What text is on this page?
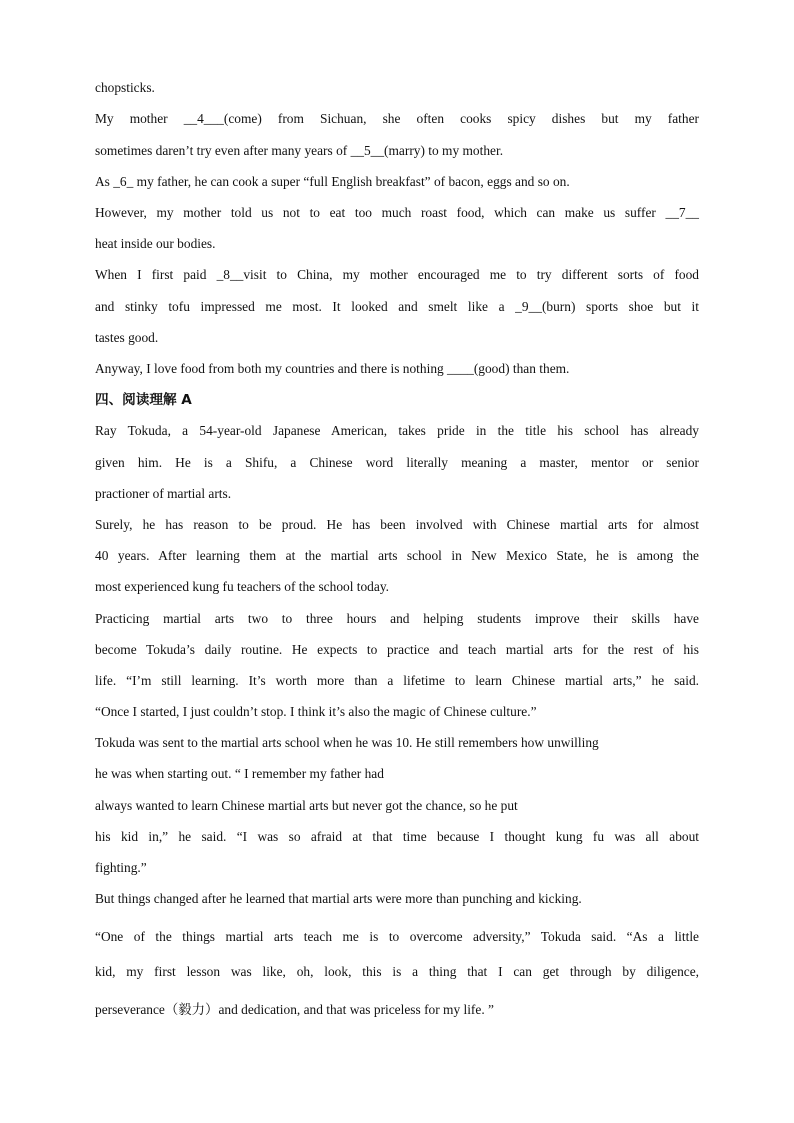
chopsticks.
My mother __4___(come) from Sichuan, she often cooks spicy dishes but my father
sometimes daren’t try even after many years of __5__(marry) to my mother.
As _6_ my father, he can cook a super “full English breakfast” of bacon, eggs and so on.
However, my mother told us not to eat too much roast food, which can make us suffer __7__
heat inside our bodies.
When I first paid _8__visit to China, my mother encouraged me to try different sorts of food
and stinky tofu impressed me most. It looked and smelt like a _9__(burn) sports shoe but it
tastes good.
Anyway, I love food from both my countries and there is nothing ____(good) than them.
四、阅读理解 A
Ray Tokuda, a 54-year-old Japanese American, takes pride in the title his school has already
given him. He is a Shifu, a Chinese word literally meaning a master, mentor or senior
practioner of martial arts.
Surely, he has reason to be proud. He has been involved with Chinese martial arts for almost
40 years. After learning them at the martial arts school in New Mexico State, he is among the
most experienced kung fu teachers of the school today.
Practicing martial arts two to three hours and helping students improve their skills have
become Tokuda’s daily routine. He expects to practice and teach martial arts for the rest of his
life. “I’m still learning. It’s worth more than a lifetime to learn Chinese martial arts,” he said.
“Once I started, I just couldn’t stop. I think it’s also the magic of Chinese culture.”
Tokuda was sent to the martial arts school when he was 10. He still remembers how unwilling
he was when starting out. “ I remember my father had
always wanted to learn Chinese martial arts but never got the chance, so he put
his kid in,” he said. “I was so afraid at that time because I thought kung fu was all about
fighting.”
But things changed after he learned that martial arts were more than punching and kicking.
“One of the things martial arts teach me is to overcome adversity,” Tokuda said. “As a little
kid, my first lesson was like, oh, look, this is a thing that I can get through by diligence,
perseverance（毅力）and dedication, and that was priceless for my life. ”
